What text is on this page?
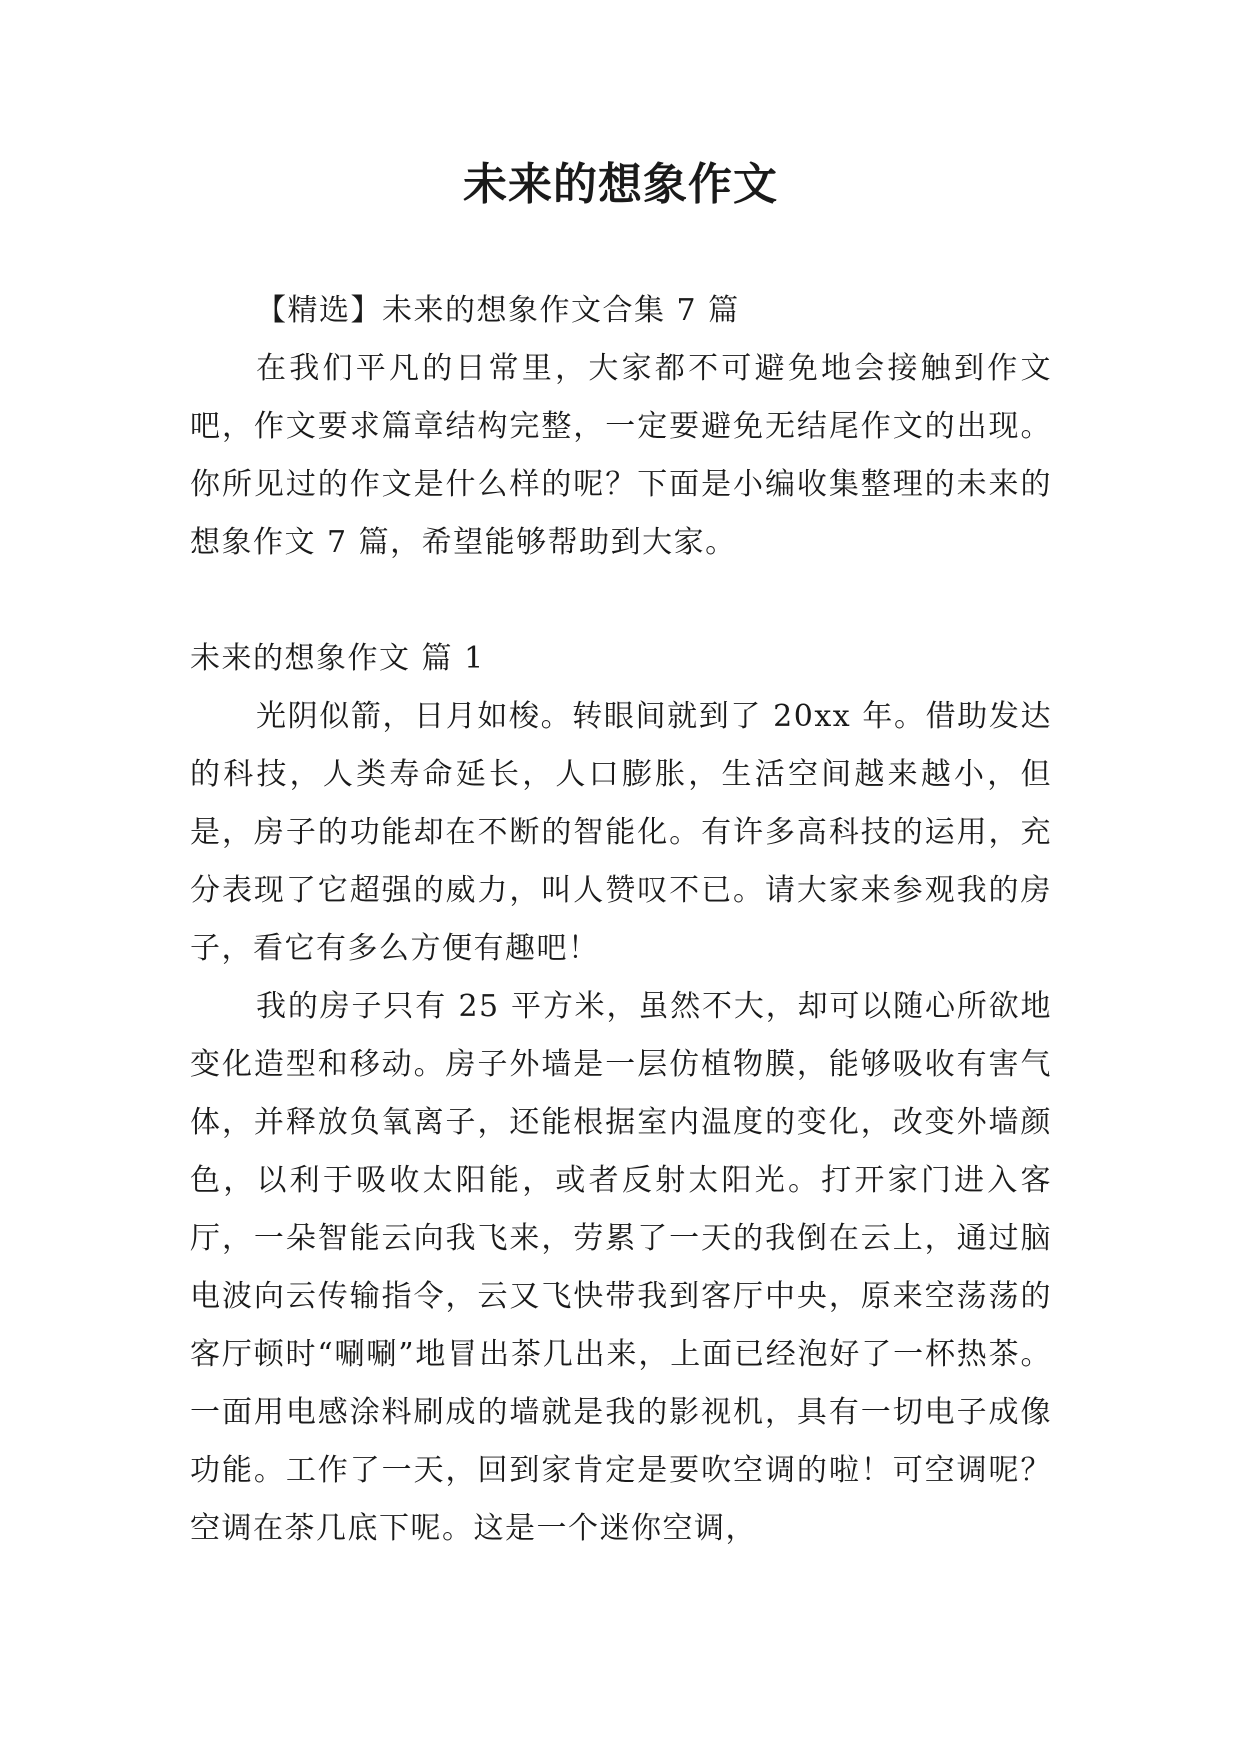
未来的想象作文

【精选】未来的想象作文合集 7 篇

在我们平凡的日常里，大家都不可避免地会接触到作文吧，作文要求篇章结构完整，一定要避免无结尾作文的出现。你所见过的作文是什么样的呢？下面是小编收集整理的未来的想象作文 7 篇，希望能够帮助到大家。

未来的想象作文 篇 1

光阴似箭，日月如梭。转眼间就到了 20xx 年。借助发达的科技，人类寿命延长，人口膨胀，生活空间越来越小，但是，房子的功能却在不断的智能化。有许多高科技的运用，充分表现了它超强的威力，叫人赞叹不已。请大家来参观我的房子，看它有多么方便有趣吧！

我的房子只有 25 平方米，虽然不大，却可以随心所欲地变化造型和移动。房子外墙是一层仿植物膜，能够吸收有害气体，并释放负氧离子，还能根据室内温度的变化，改变外墙颜色，以利于吸收太阳能，或者反射太阳光。打开家门进入客厅，一朵智能云向我飞来，劳累了一天的我倒在云上，通过脑电波向云传输指令，云又飞快带我到客厅中央，原来空荡荡的客厅顿时“唰唰”地冒出茶几出来，上面已经泡好了一杯热茶。一面用电感涂料刷成的墙就是我的影视机，具有一切电子成像功能。工作了一天，回到家肯定是要吹空调的啦！可空调呢？空调在茶几底下呢。这是一个迷你空调，
